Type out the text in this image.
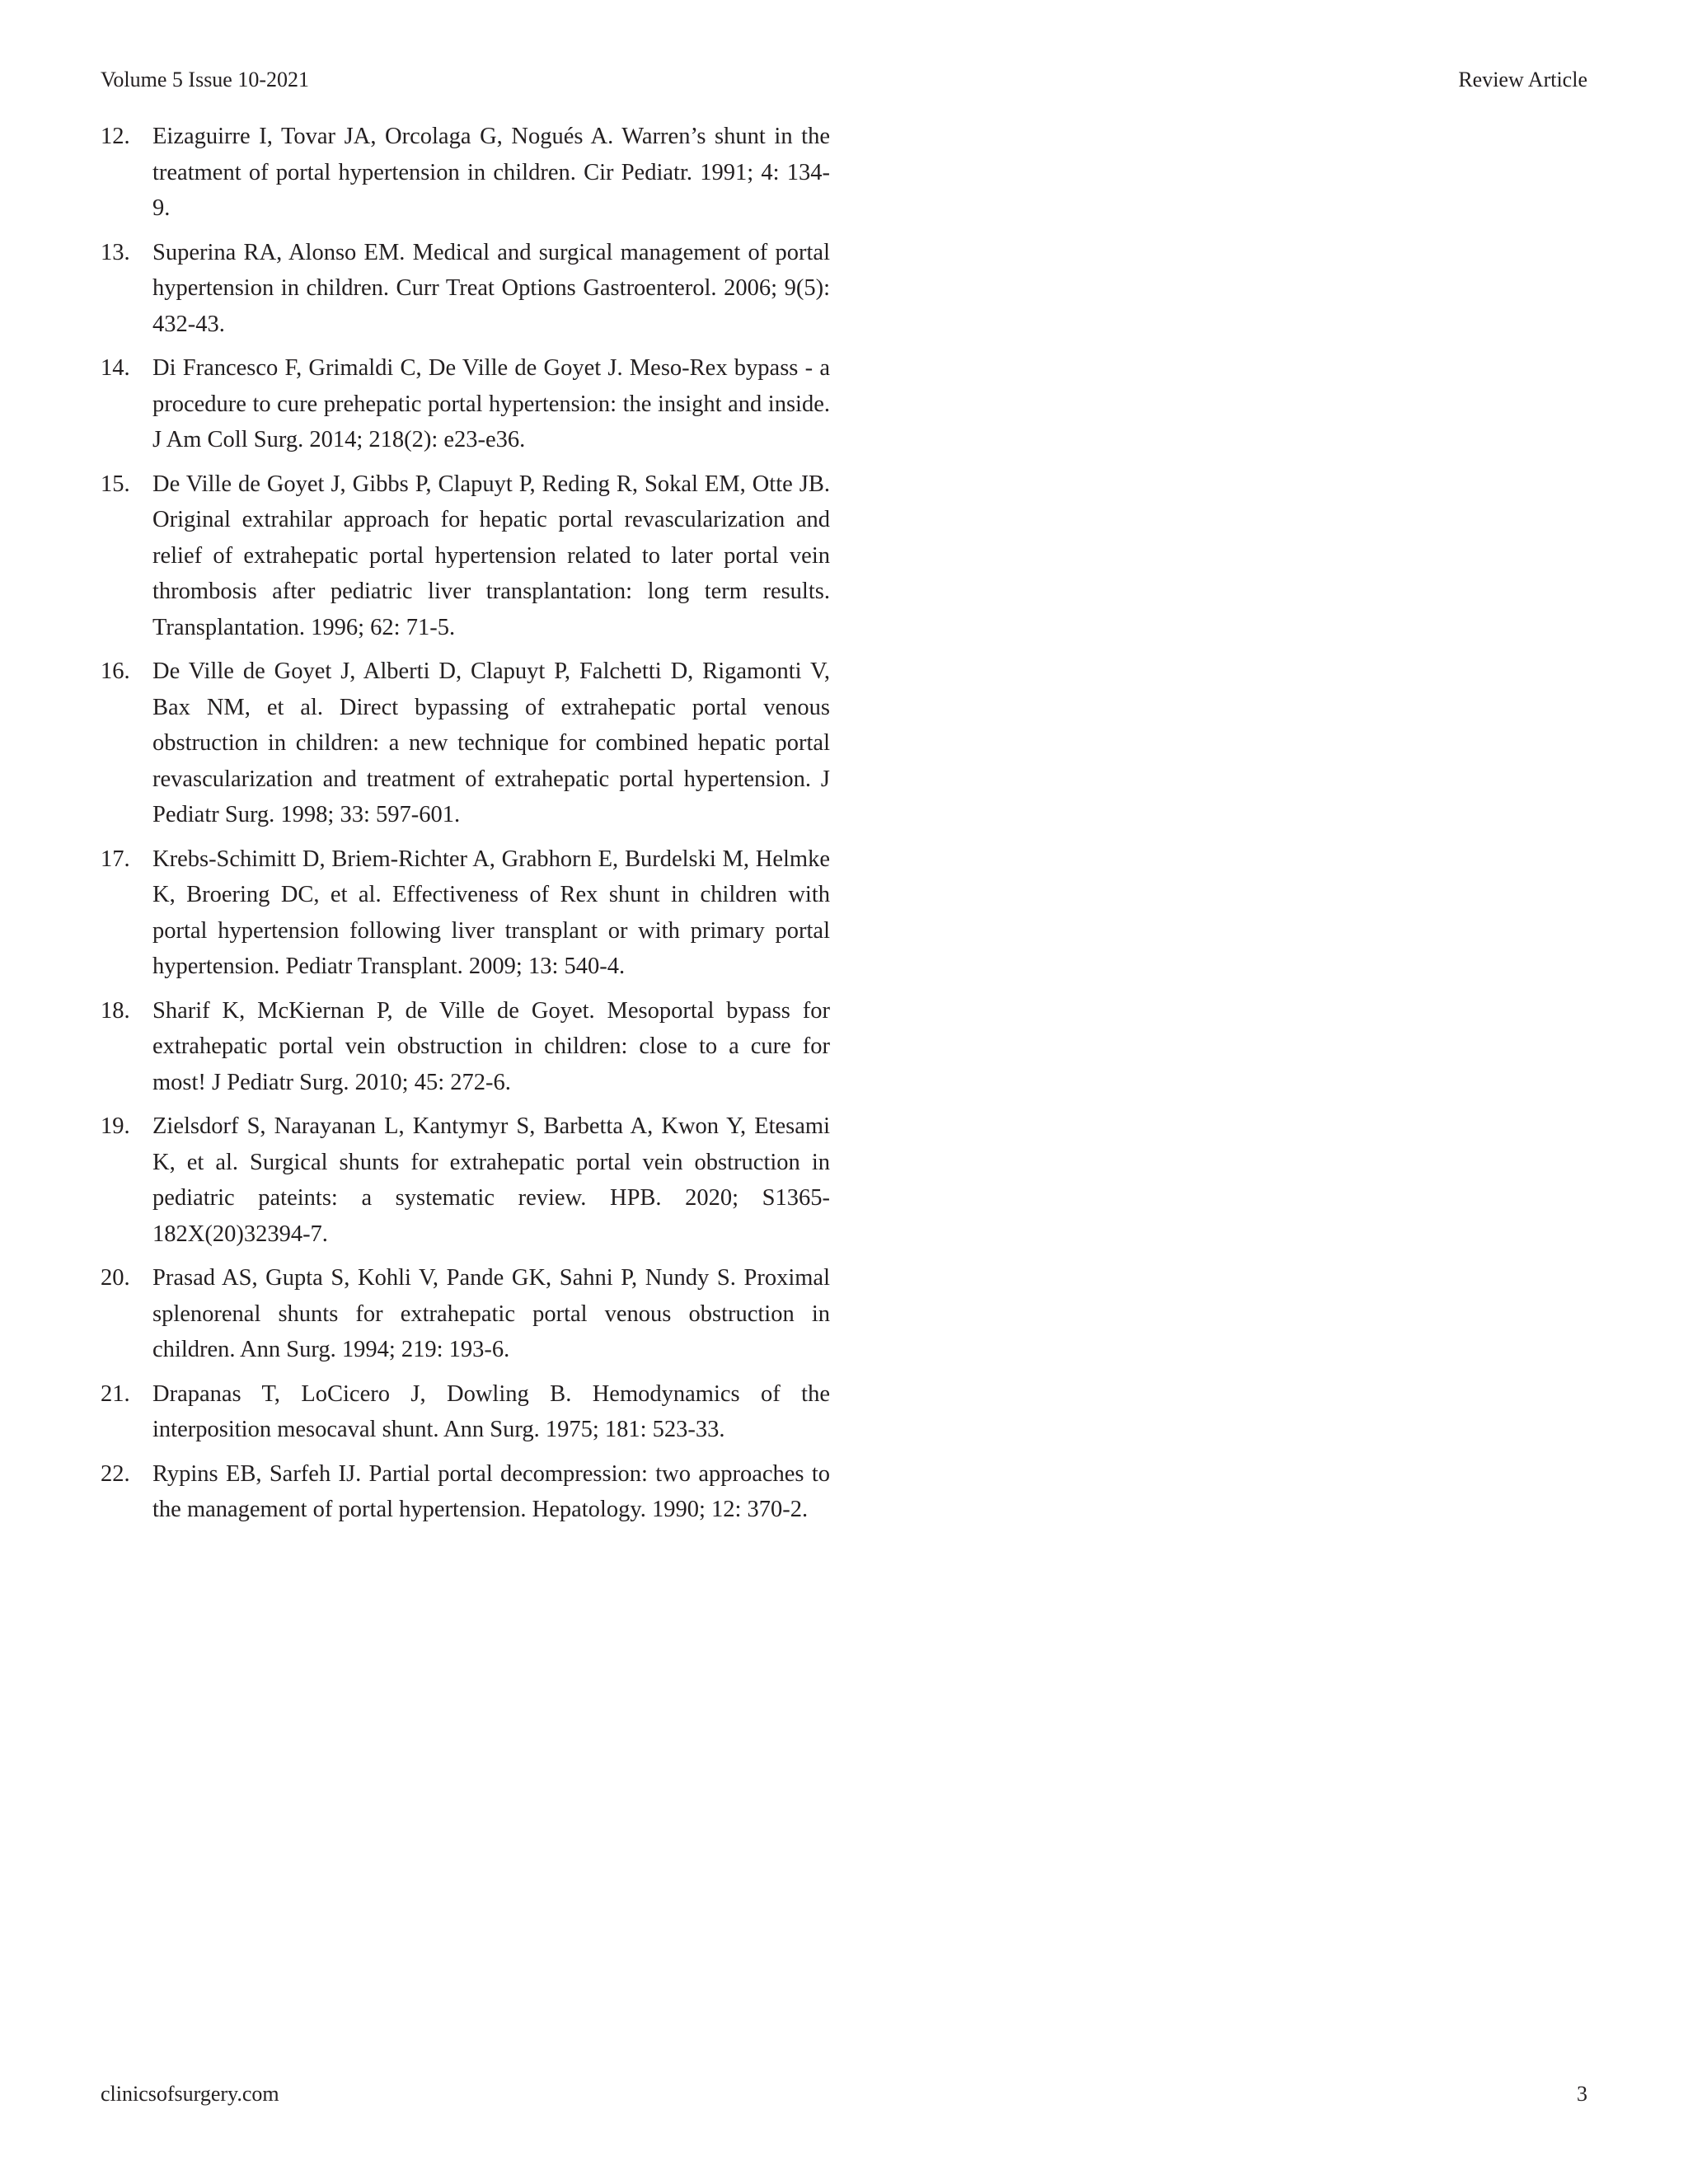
Volume 5 Issue 10-2021	Review Article
12. Eizaguirre I, Tovar JA, Orcolaga G, Nogués A. Warren’s shunt in the treatment of portal hypertension in children. Cir Pediatr. 1991; 4: 134-9.
13. Superina RA, Alonso EM. Medical and surgical management of portal hypertension in children. Curr Treat Options Gastroenterol. 2006; 9(5): 432-43.
14. Di Francesco F, Grimaldi C, De Ville de Goyet J. Meso-Rex bypass - a procedure to cure prehepatic portal hypertension: the insight and inside. J Am Coll Surg. 2014; 218(2): e23-e36.
15. De Ville de Goyet J, Gibbs P, Clapuyt P, Reding R, Sokal EM, Otte JB. Original extrahilar approach for hepatic portal revascularization and relief of extrahepatic portal hypertension related to later portal vein thrombosis after pediatric liver transplantation: long term results. Transplantation. 1996; 62: 71-5.
16. De Ville de Goyet J, Alberti D, Clapuyt P, Falchetti D, Rigamonti V, Bax NM, et al. Direct bypassing of extrahepatic portal venous obstruction in children: a new technique for combined hepatic portal revascularization and treatment of extrahepatic portal hypertension. J Pediatr Surg. 1998; 33: 597-601.
17. Krebs-Schimitt D, Briem-Richter A, Grabhorn E, Burdelski M, Helmke K, Broering DC, et al. Effectiveness of Rex shunt in children with portal hypertension following liver transplant or with primary portal hypertension. Pediatr Transplant. 2009; 13: 540-4.
18. Sharif K, McKiernan P, de Ville de Goyet. Mesoportal bypass for extrahepatic portal vein obstruction in children: close to a cure for most! J Pediatr Surg. 2010; 45: 272-6.
19. Zielsdorf S, Narayanan L, Kantymyr S, Barbetta A, Kwon Y, Etesami K, et al. Surgical shunts for extrahepatic portal vein obstruction in pediatric pateints: a systematic review. HPB. 2020; S1365-182X(20)32394-7.
20. Prasad AS, Gupta S, Kohli V, Pande GK, Sahni P, Nundy S. Proximal splenorenal shunts for extrahepatic portal venous obstruction in children. Ann Surg. 1994; 219: 193-6.
21. Drapanas T, LoCicero J, Dowling B. Hemodynamics of the interposition mesocaval shunt. Ann Surg. 1975; 181: 523-33.
22. Rypins EB, Sarfeh IJ. Partial portal decompression: two approaches to the management of portal hypertension. Hepatology. 1990; 12: 370-2.
clinicsofsurgery.com	3
